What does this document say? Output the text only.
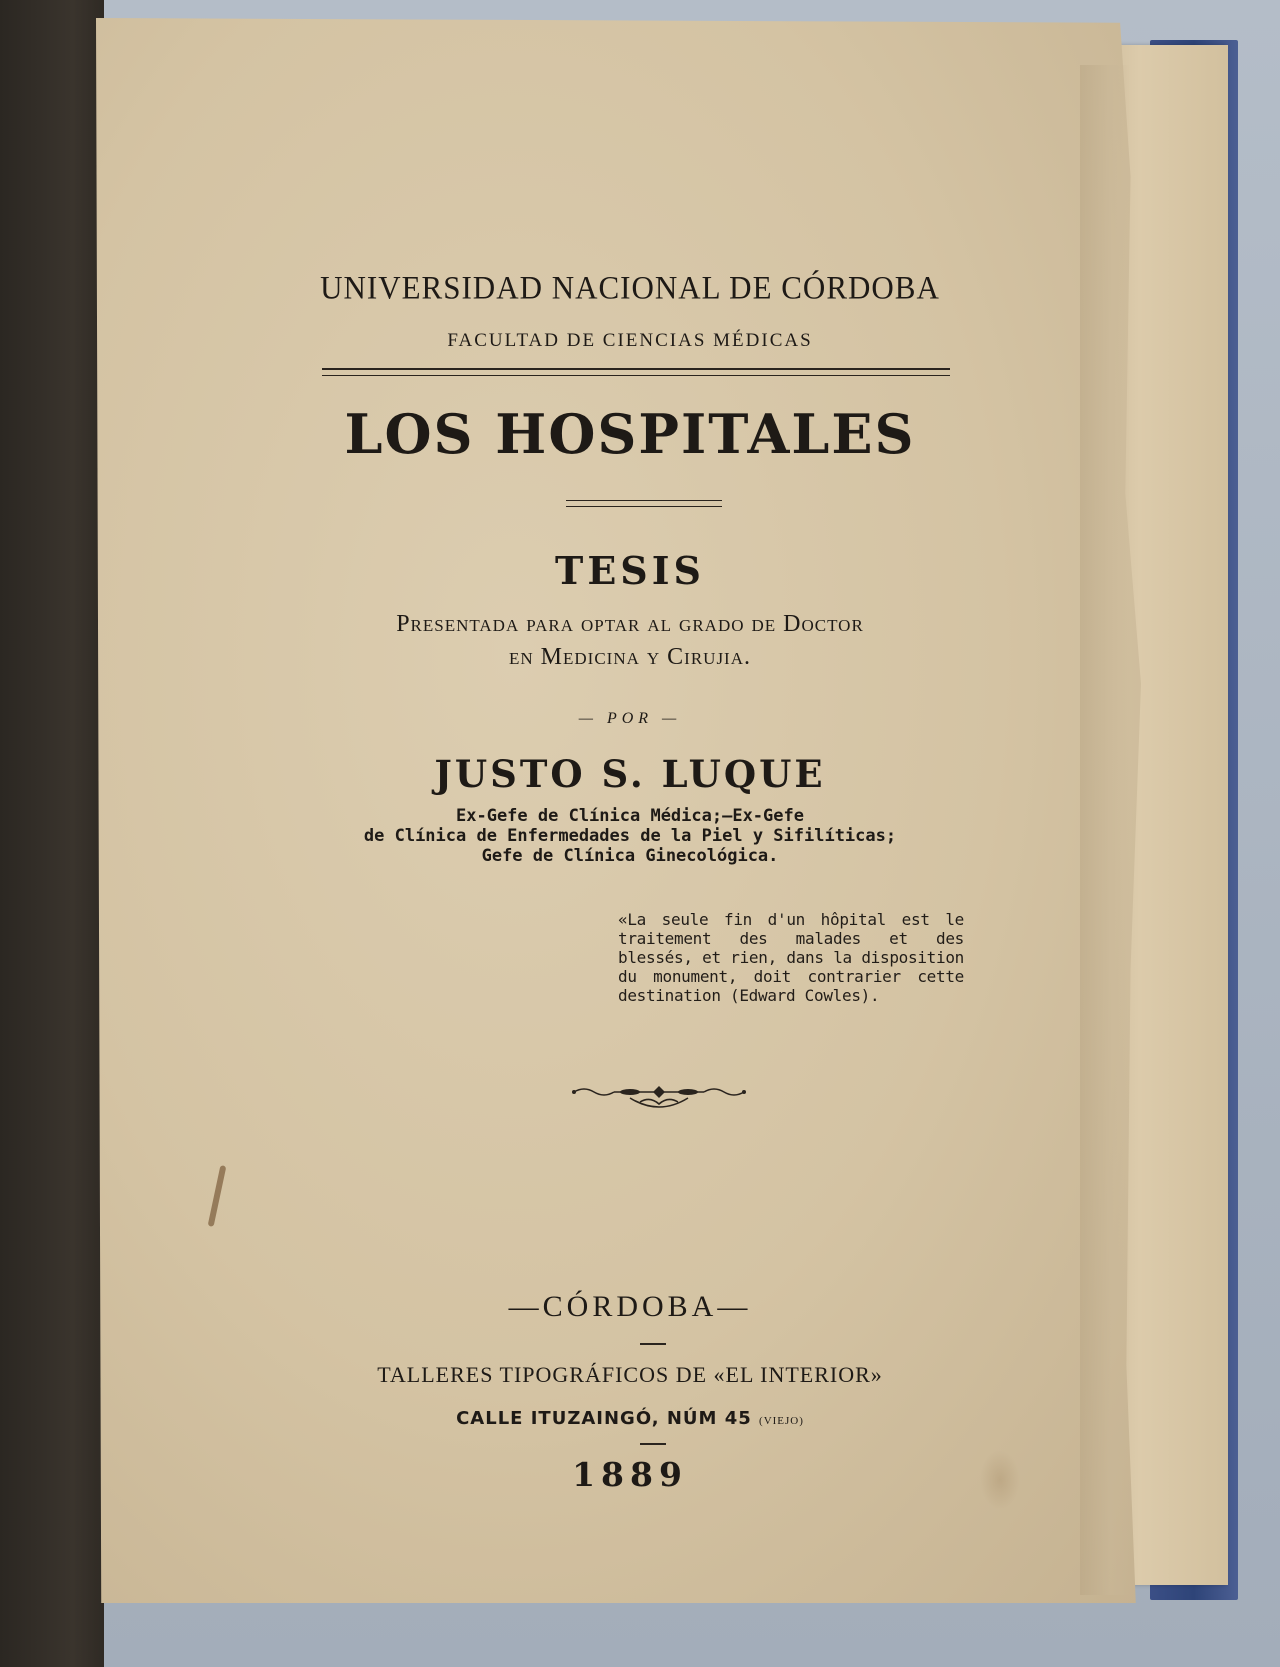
UNIVERSIDAD NACIONAL DE CÓRDOBA
FACULTAD DE CIENCIAS MÉDICAS
LOS HOSPITALES
TESIS
Presentada para optar al grado de Doctor
en Medicina y Cirujia.
— POR —
JUSTO S. LUQUE
Ex-Gefe de Clínica Médica;—Ex-Gefe
de Clínica de Enfermedades de la Piel y Sifilíticas;
Gefe de Clínica Ginecológica.
«La seule fin d'un hôpital est le traitement des malades et des blessés, et rien, dans la disposition du monument, doit contrarier cette destination (Edward Cowles).
—CÓRDOBA—
TALLERES TIPOGRÁFICOS DE «EL INTERIOR»
CALLE ITUZAINGÓ, NÚM 45 (VIEJO)
1889
